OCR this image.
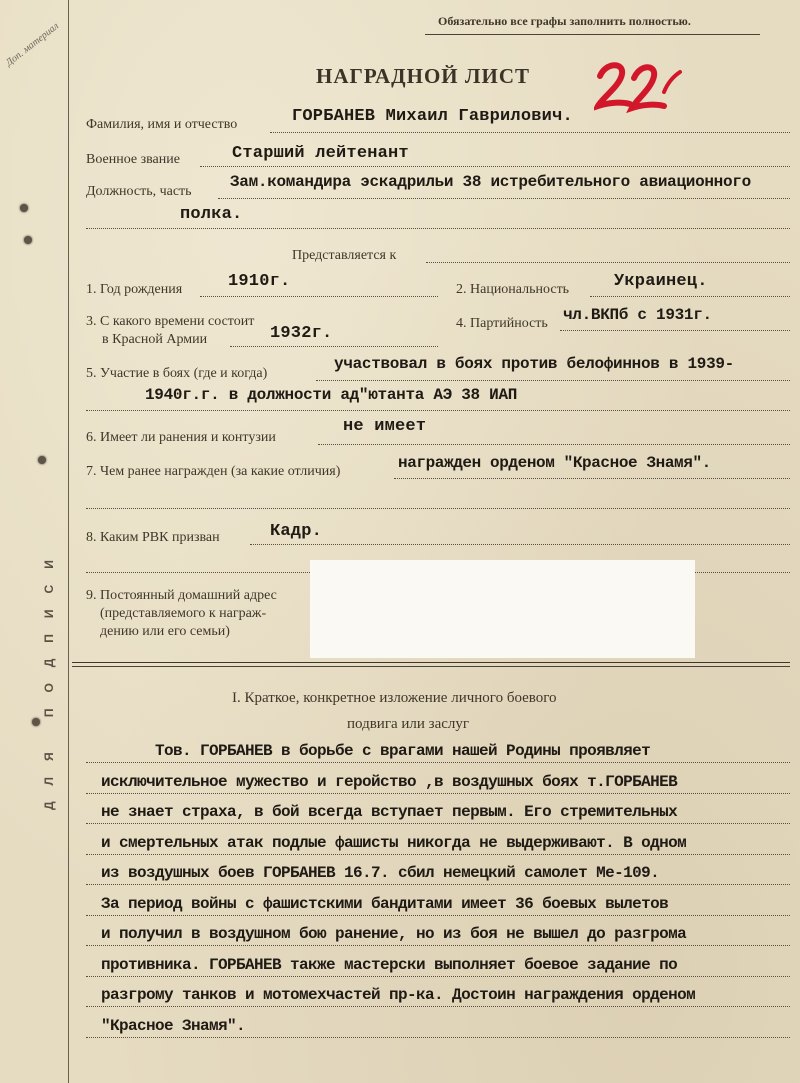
Доп. материал	Обязательно все графы заполнить полностью.
ДЛЯ ПОДПИСИ
НАГРАДНОЙ ЛИСТ
Фамилия, имя и отчество	ГОРБАНЕВ Михаил Гаврилович.
Военное звание	Старший лейтенант
Должность, часть
Зам.командира эскадрильи 38 истребительного авиационного
полка.
Представляется к
1. Год рождения	1910г.	2. Национальность	Украинец.
3. С какого времени состоит
в Красной Армии	1932г.
4. Партийность чл.ВКПб с 1931г.
5. Участие в боях (где и когда)
участвовал в боях против белофиннов в 1939-
1940г.г. в должности ад"ютанта АЭ 38 ИАП
6. Имеет ли ранения и контузии
не имеет
7. Чем ранее награжден (за какие отличия)	награжден орденом "Красное Знамя".
8. Каким РВК призван	Кадр.
9. Постоянный домашний адрес
(представляемого к награж-
дению или его семьи)
I. Краткое, конкретное изложение личного боевого
подвига или заслуг
Тов. ГОРБАНЕВ в борьбе с врагами нашей Родины проявляет
исключительное мужество и геройство ,в воздушных боях т.ГОРБАНЕВ
не знает страха, в бой всегда вступает первым. Его стремительных
и смертельных атак подлые фашисты никогда не выдерживают. В одном
из воздушных боев ГОРБАНЕВ 16.7. сбил немецкий самолет Ме-109.
За период войны с фашистскими бандитами имеет 36 боевых вылетов
и получил в воздушном бою ранение, но из боя не вышел до разгрома
противника. ГОРБАНЕВ также мастерски выполняет боевое задание по
разгрому танков и мотомехчастей пр-ка. Достоин награждения орденом
"Красное Знамя".
